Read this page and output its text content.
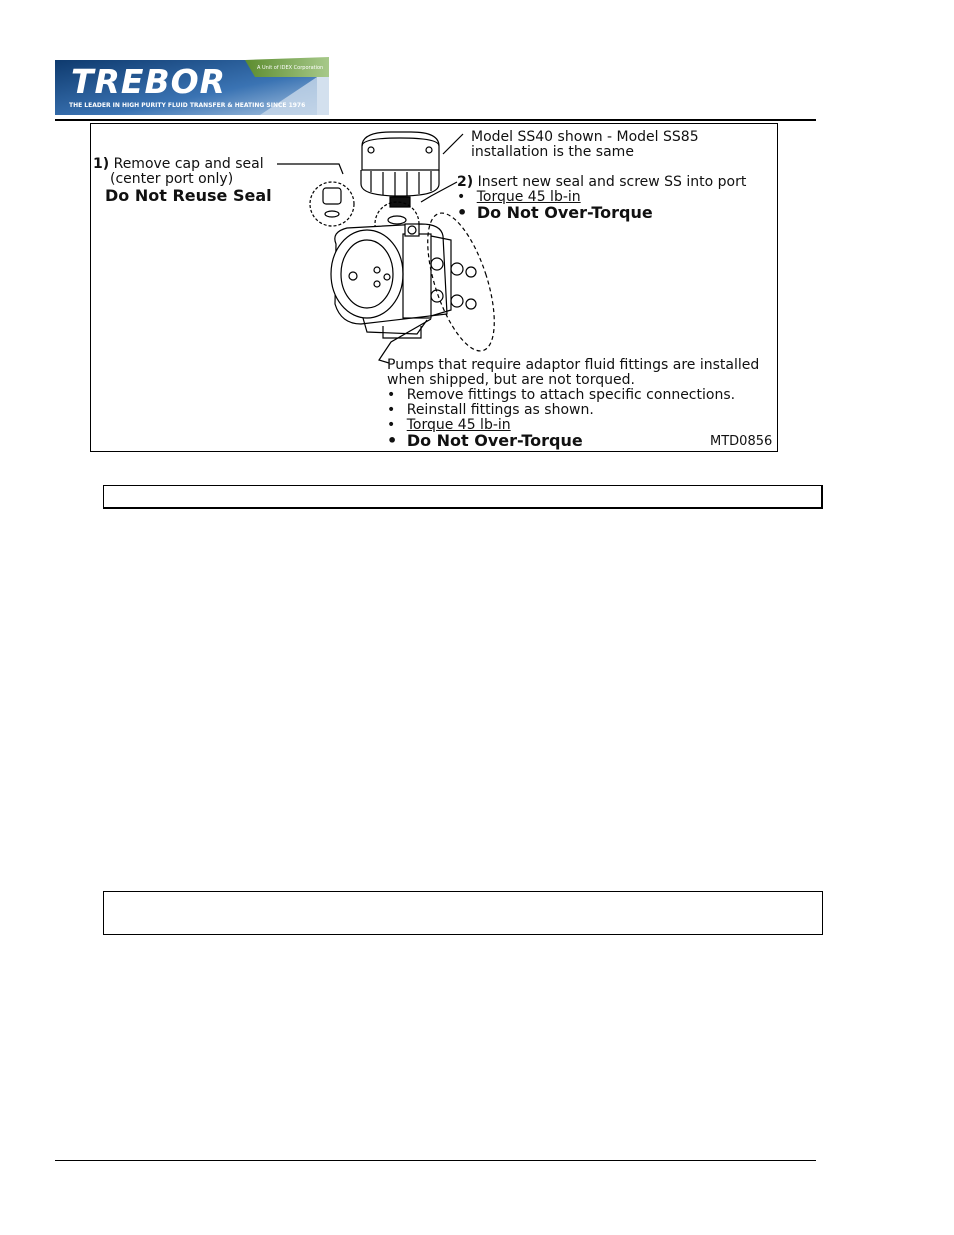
TREBOR
THE LEADER IN HIGH PURITY FLUID TRANSFER & HEATING SINCE 1976
A Unit of IDEX Corporation
1) Remove cap and seal
(center port only)
Do Not Reuse Seal
Model SS40 shown - Model SS85
installation is the same
2) Insert new seal and screw SS into port
• Torque 45 lb-in
• Do Not Over-Torque
Pumps that require adaptor fluid fittings are installed
when shipped, but are not torqued.
• Remove fittings to attach specific connections.
• Reinstall fittings as shown.
• Torque 45 lb-in
• Do Not Over-Torque	MTD0856
